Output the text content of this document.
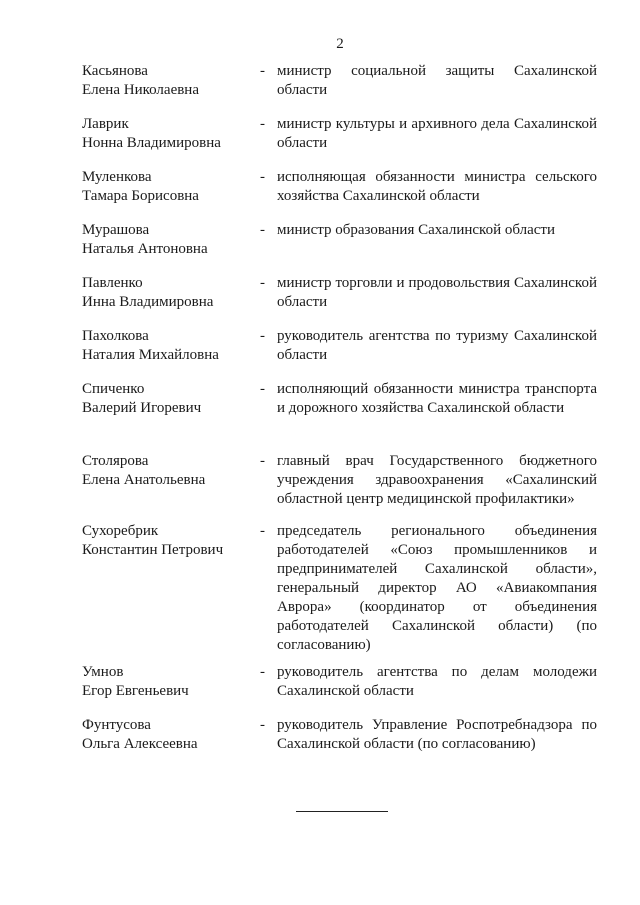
2
Касьянова
Елена Николаевна
- министр социальной защиты Сахалинской области
Лаврик
Нонна Владимировна
- министр культуры и архивного дела Сахалинской области
Муленкова
Тамара Борисовна
- исполняющая обязанности министра сельского хозяйства Сахалинской области
Мурашова
Наталья Антоновна
- министр образования Сахалинской области
Павленко
Инна Владимировна
- министр торговли и продовольствия Сахалинской области
Пахолкова
Наталия Михайловна
- руководитель агентства по туризму Сахалинской области
Спиченко
Валерий Игоревич
- исполняющий обязанности министра транспорта и дорожного хозяйства Сахалинской области
Столярова
Елена Анатольевна
- главный врач Государственного бюджетного учреждения здравоохранения «Сахалинский областной центр медицинской профилактики»
Сухоребрик
Константин Петрович
- председатель регионального объединения работодателей «Союз промышленников и предпринимателей Сахалинской области», генеральный директор АО «Авиакомпания Аврора» (координатор от объединения работодателей Сахалинской области) (по согласованию)
Умнов
Егор Евгеньевич
- руководитель агентства по делам молодежи Сахалинской области
Фунтусова
Ольга Алексеевна
- руководитель Управление Роспотребнадзора по Сахалинской области (по согласованию)
